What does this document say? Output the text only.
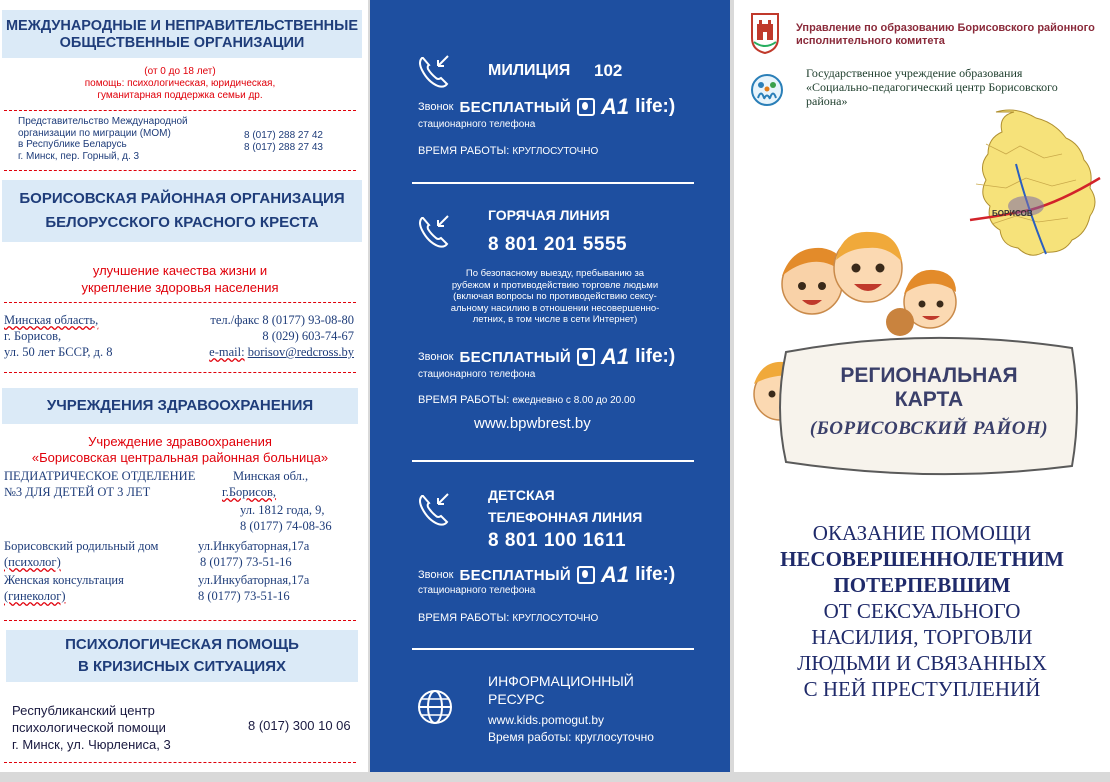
МЕЖДУНАРОДНЫЕ И НЕПРАВИТЕЛЬСТВЕННЫЕ
ОБЩЕСТВЕННЫЕ ОРГАНИЗАЦИИ
(от 0 до 18 лет)
помощь: психологическая, юридическая,
гуманитарная поддержка семьи др.
Представительство Международной
организации по миграции (МОМ)
в Республике Беларусь
г. Минск, пер. Горный, д. 3
8 (017) 288 27 42
8 (017) 288 27 43
БОРИСОВСКАЯ РАЙОННАЯ ОРГАНИЗАЦИЯ
БЕЛОРУССКОГО КРАСНОГО КРЕСТА
улучшение качества жизни и
укрепление здоровья населения
Минская область,
г. Борисов,
ул. 50 лет БССР, д. 8
тел./факс 8 (0177) 93-08-80
8 (029) 603-74-67
e-mail: borisov@redcross.by
УЧРЕЖДЕНИЯ ЗДРАВООХРАНЕНИЯ
Учреждение здравоохранения
«Борисовская центральная районная больница»
ПЕДИАТРИЧЕСКОЕ ОТДЕЛЕНИЕ
№3 ДЛЯ ДЕТЕЙ ОТ 3 ЛЕТ
Минская обл.,
г.Борисов,
ул. 1812 года, 9,
8 (0177) 74-08-36
Борисовский родильный дом
(психолог)
ул.Инкубаторная,17а
8 (0177) 73-51-16
Женская консультация
(гинеколог)
ул.Инкубаторная,17а
8 (0177) 73-51-16
ПСИХОЛОГИЧЕСКАЯ ПОМОЩЬ
В КРИЗИСНЫХ СИТУАЦИЯХ
Республиканский центр
психологической помощи
г. Минск, ул. Чюрлениса, 3
8 (017) 300 10 06
МИЛИЦИЯ 102
Звонок БЕСПЛАТНЫЙ A1 life:)
стационарного телефона
ВРЕМЯ РАБОТЫ: КРУГЛОСУТОЧНО
ГОРЯЧАЯ ЛИНИЯ
8 801 201 5555
По безопасному выезду, пребыванию за
рубежом и противодействию торговле людьми
(включая вопросы по противодействию сексу-
альному насилию в отношении несовершенно-
летних, в том числе в сети Интернет)
Звонок БЕСПЛАТНЫЙ A1 life:)
стационарного телефона
ВРЕМЯ РАБОТЫ: ежедневно с 8.00 до 20.00
www.bpwbrest.by
ДЕТСКАЯ
ТЕЛЕФОННАЯ ЛИНИЯ
8 801 100 1611
Звонок БЕСПЛАТНЫЙ A1 life:)
стационарного телефона
ВРЕМЯ РАБОТЫ: КРУГЛОСУТОЧНО
ИНФОРМАЦИОННЫЙ
РЕСУРС
www.kids.pomogut.by
Время работы: круглосуточно
Управление по образованию Борисовского районного
исполнительного комитета
Государственное учреждение образования
«Социально-педагогический центр Борисовского
района»
БОРИСОВ
РЕГИОНАЛЬНАЯ
КАРТА
(БОРИСОВСКИЙ РАЙОН)
ОКАЗАНИЕ ПОМОЩИ
НЕСОВЕРШЕННОЛЕТНИМ
ПОТЕРПЕВШИМ
ОТ СЕКСУАЛЬНОГО
НАСИЛИЯ, ТОРГОВЛИ
ЛЮДЬМИ И СВЯЗАННЫХ
С НЕЙ ПРЕСТУПЛЕНИЙ
